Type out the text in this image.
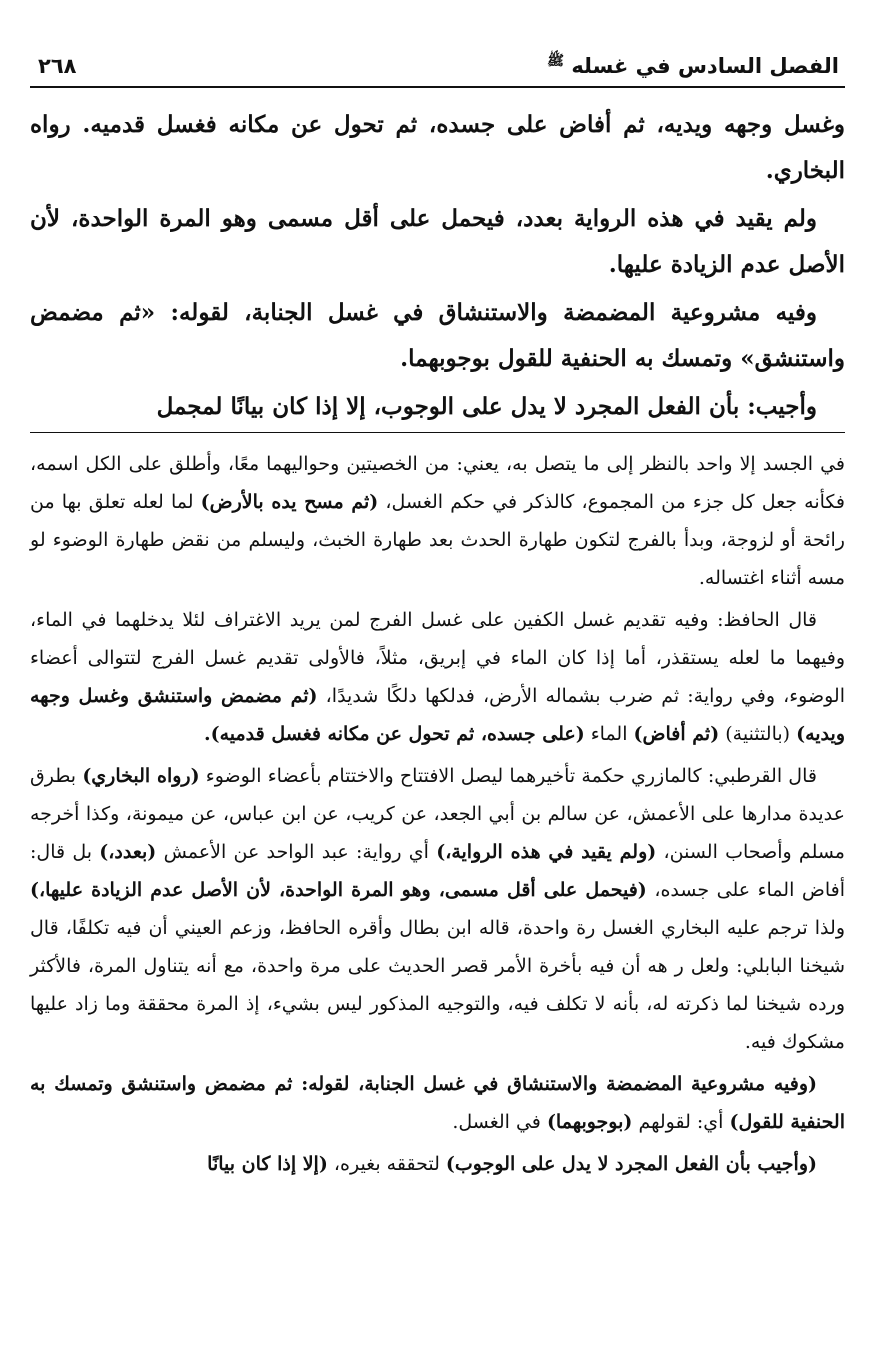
الفصل السادس في غسله $^ﷺ$
٢٦٨

وغسل وجهه ويديه، ثم أفاض على جسده، ثم تحول عن مكانه فغسل قدميه. رواه البخاري.

ولم يقيد في هذه الرواية بعدد، فيحمل على أقل مسمى وهو المرة الواحدة، لأن الأصل عدم الزيادة عليها.

وفيه مشروعية المضمضة والاستنشاق في غسل الجنابة، لقوله: «ثم مضمض واستنشق» وتمسك به الحنفية للقول بوجوبهما.

وأجيب: بأن الفعل المجرد لا يدل على الوجوب، إلا إذا كان بيانًا لمجمل

في الجسد إلا واحد بالنظر إلى ما يتصل به، يعني: من الخصيتين وحواليهما معًا، وأطلق على الكل اسمه، فكأنه جعل كل جزء من المجموع، كالذكر في حكم الغسل، (ثم مسح يده بالأرض) لما لعله تعلق بها من رائحة أو لزوجة، وبدأ بالفرج لتكون طهارة الحدث بعد طهارة الخبث، وليسلم من نقض طهارة الوضوء لو مسه أثناء اغتساله.

قال الحافظ: وفيه تقديم غسل الكفين على غسل الفرج لمن يريد الاغتراف لئلا يدخلهما في الماء، وفيهما ما لعله يستقذر، أما إذا كان الماء في إبريق، مثلاً، فالأولى تقديم غسل الفرج لتتوالى أعضاء الوضوء، وفي رواية: ثم ضرب بشماله الأرض، فدلكها دلكًا شديدًا، (ثم مضمض واستنشق وغسل وجهه ويديه) (بالتثنية) (ثم أفاض) الماء (على جسده، ثم تحول عن مكانه فغسل قدميه).

قال القرطبي: كالمازري حكمة تأخيرهما ليصل الافتتاح والاختتام بأعضاء الوضوء (رواه البخاري) بطرق عديدة مدارها على الأعمش، عن سالم بن أبي الجعد، عن كريب، عن ابن عباس، عن ميمونة، وكذا أخرجه مسلم وأصحاب السنن، (ولم يقيد في هذه الرواية،) أي رواية: عبد الواحد عن الأعمش (بعدد،) بل قال: أفاض الماء على جسده، (فيحمل على أقل مسمى، وهو المرة الواحدة، لأن الأصل عدم الزيادة عليها،) ولذا ترجم عليه البخاري الغسل رة واحدة، قاله ابن بطال وأقره الحافظ، وزعم العيني أن فيه تكلفًا، قال شيخنا البابلي: ولعل ر هه أن فيه بأخرة الأمر قصر الحديث على مرة واحدة، مع أنه يتناول المرة، فالأكثر ورده شيخنا لما ذكرته له، بأنه لا تكلف فيه، والتوجيه المذكور ليس بشيء، إذ المرة محققة وما زاد عليها مشكوك فيه.

(وفيه مشروعية المضمضة والاستنشاق في غسل الجنابة، لقوله: ثم مضمض واستنشق وتمسك به الحنفية للقول) أي: لقولهم (بوجوبهما) في الغسل.

(وأجيب بأن الفعل المجرد لا يدل على الوجوب) لتحققه بغيره، (إلا إذا كان بيانًا
